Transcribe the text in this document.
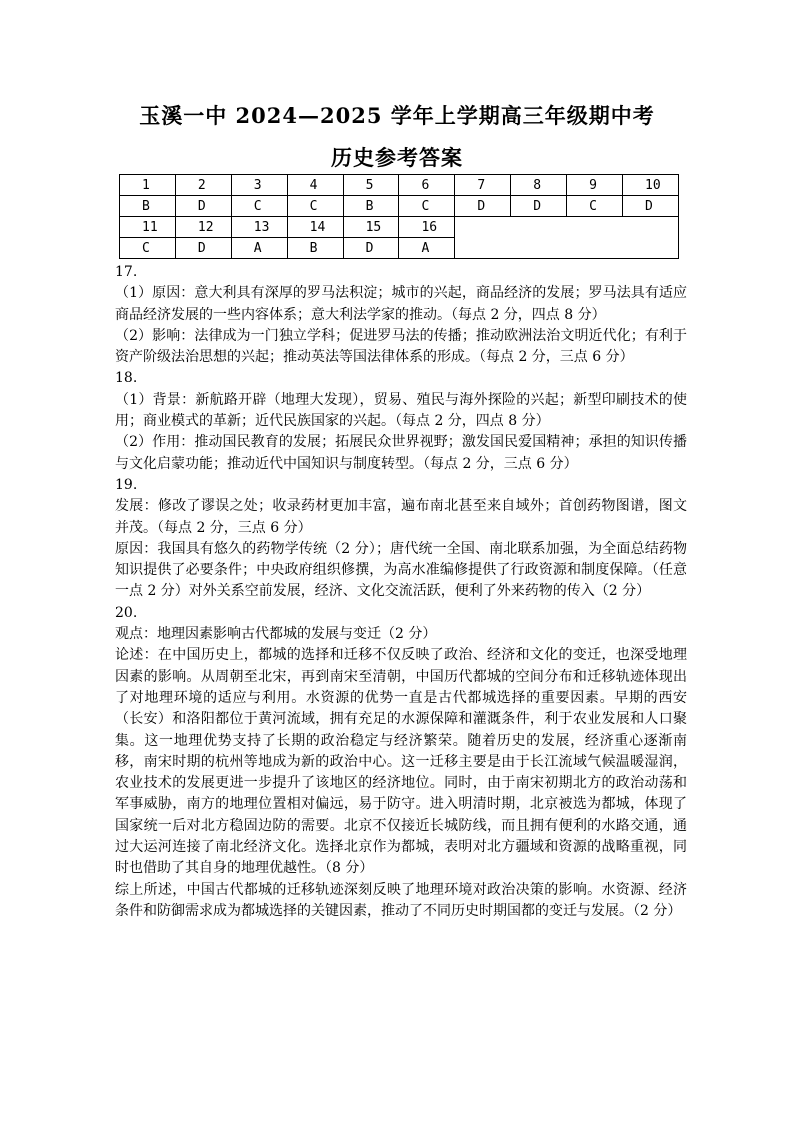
玉溪一中 2024—2025 学年上学期高三年级期中考
历史参考答案
1	2	3	4	5	6	7	8	9	10
B	D	C	C	B	C	D	D	C	D
11	12	13	14	15	16				
C	D	A	B	D	A				

17.

（1）原因：意大利具有深厚的罗马法积淀；城市的兴起，商品经济的发展；罗马法具有适应商品经济发展的一些内容体系；意大利法学家的推动。（每点 2 分，四点 8 分）

（2）影响：法律成为一门独立学科；促进罗马法的传播；推动欧洲法治文明近代化；有利于资产阶级法治思想的兴起；推动英法等国法律体系的形成。（每点 2 分，三点 6 分）

18.

（1）背景：新航路开辟（地理大发现），贸易、殖民与海外探险的兴起；新型印刷技术的使用；商业模式的革新；近代民族国家的兴起。（每点 2 分，四点 8 分）

（2）作用：推动国民教育的发展；拓展民众世界视野；激发国民爱国精神；承担的知识传播与文化启蒙功能；推动近代中国知识与制度转型。（每点 2 分，三点 6 分）

19.

发展：修改了谬误之处；收录药材更加丰富，遍布南北甚至来自域外；首创药物图谱，图文并茂。（每点 2 分，三点 6 分）

原因：我国具有悠久的药物学传统（2 分）；唐代统一全国、南北联系加强，为全面总结药物知识提供了必要条件；中央政府组织修撰，为高水准编修提供了行政资源和制度保障。（任意一点 2 分）对外关系空前发展，经济、文化交流活跃，便利了外来药物的传入（2 分）

20.

观点：地理因素影响古代都城的发展与变迁（2 分）

论述：在中国历史上，都城的选择和迁移不仅反映了政治、经济和文化的变迁，也深受地理因素的影响。从周朝至北宋，再到南宋至清朝，中国历代都城的空间分布和迁移轨迹体现出了对地理环境的适应与利用。水资源的优势一直是古代都城选择的重要因素。早期的西安（长安）和洛阳都位于黄河流域，拥有充足的水源保障和灌溉条件，利于农业发展和人口聚集。这一地理优势支持了长期的政治稳定与经济繁荣。随着历史的发展，经济重心逐渐南移，南宋时期的杭州等地成为新的政治中心。这一迁移主要是由于长江流域气候温暖湿润，农业技术的发展更进一步提升了该地区的经济地位。同时，由于南宋初期北方的政治动荡和军事威胁，南方的地理位置相对偏远，易于防守。进入明清时期，北京被选为都城，体现了国家统一后对北方稳固边防的需要。北京不仅接近长城防线，而且拥有便利的水路交通，通过大运河连接了南北经济文化。选择北京作为都城，表明对北方疆域和资源的战略重视，同时也借助了其自身的地理优越性。（8 分）

综上所述，中国古代都城的迁移轨迹深刻反映了地理环境对政治决策的影响。水资源、经济条件和防御需求成为都城选择的关键因素，推动了不同历史时期国都的变迁与发展。（2 分）
